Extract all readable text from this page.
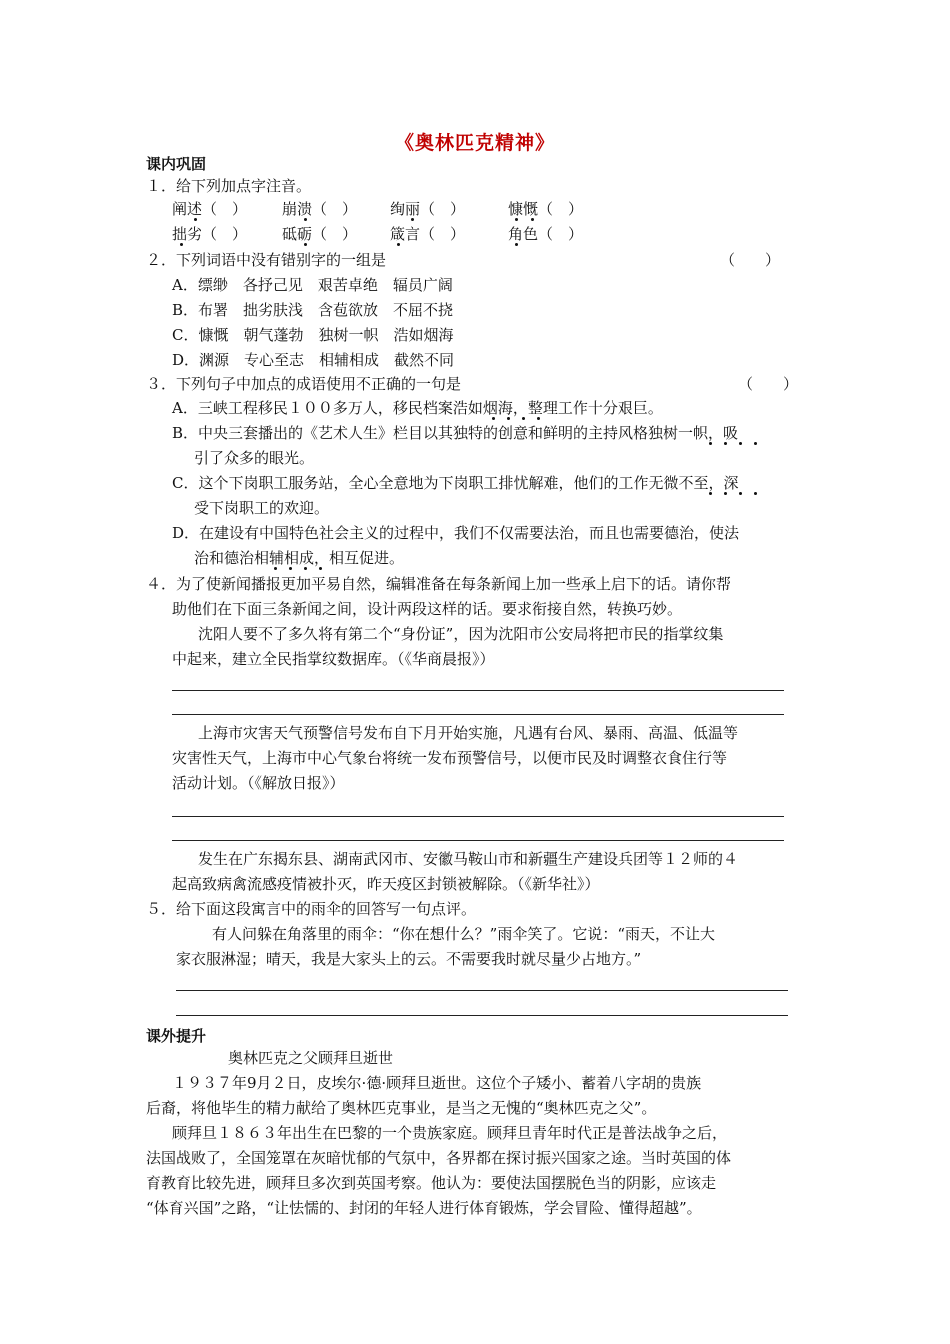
《奥林匹克精神》
课内巩固
１．给下列加点字注音。
阐述（　） 崩溃（　） 绚丽（　）	慷慨（　）
拙劣（　） 砥砺（　） 箴言（　）	角色（　）
２．下列词语中没有错别字的一组是	（　　）
A．缥缈　各抒己见　艰苦卓绝　辐员广阔
B．布署　拙劣肤浅　含苞欲放　不屈不挠
C．慷慨　朝气蓬勃　独树一帜　浩如烟海
D．渊源　专心至志　相辅相成　截然不同
３．下列句子中加点的成语使用不正确的一句是	（　　）
A．三峡工程移民１００多万人，移民档案浩如烟海，整理工作十分艰巨。
B．中央三套播出的《艺术人生》栏目以其独特的创意和鲜明的主持风格独树一帜，吸
引了众多的眼光。
C．这个下岗职工服务站，全心全意地为下岗职工排忧解难，他们的工作无微不至，深
受下岗职工的欢迎。
D．在建设有中国特色社会主义的过程中，我们不仅需要法治，而且也需要德治，使法
治和德治相辅相成，相互促进。
４．为了使新闻播报更加平易自然，编辑准备在每条新闻上加一些承上启下的话。请你帮
助他们在下面三条新闻之间，设计两段这样的话。要求衔接自然，转换巧妙。
沈阳人要不了多久将有第二个“身份证”，因为沈阳市公安局将把市民的指掌纹集
中起来，建立全民指掌纹数据库。（《华商晨报》）
上海市灾害天气预警信号发布自下月开始实施，凡遇有台风、暴雨、高温、低温等
灾害性天气，上海市中心气象台将统一发布预警信号，以便市民及时调整衣食住行等
活动计划。（《解放日报》）
发生在广东揭东县、湖南武冈市、安徽马鞍山市和新疆生产建设兵团等１２师的４
起高致病禽流感疫情被扑灭，昨天疫区封锁被解除。（《新华社》）
５．给下面这段寓言中的雨伞的回答写一句点评。
有人问躲在角落里的雨伞：“你在想什么？”雨伞笑了。它说：“雨天，不让大
家衣服淋湿；晴天，我是大家头上的云。不需要我时就尽量少占地方。”
课外提升
奥林匹克之父顾拜旦逝世
１９３７年9月２日，皮埃尔·德·顾拜旦逝世。这位个子矮小、蓄着八字胡的贵族
后裔，将他毕生的精力献给了奥林匹克事业，是当之无愧的“奥林匹克之父”。
顾拜旦１８６３年出生在巴黎的一个贵族家庭。顾拜旦青年时代正是普法战争之后，
法国战败了，全国笼罩在灰暗忧郁的气氛中，各界都在探讨振兴国家之途。当时英国的体
育教育比较先进，顾拜旦多次到英国考察。他认为：要使法国摆脱色当的阴影，应该走
“体育兴国”之路，“让怯懦的、封闭的年轻人进行体育锻炼，学会冒险、懂得超越”。
